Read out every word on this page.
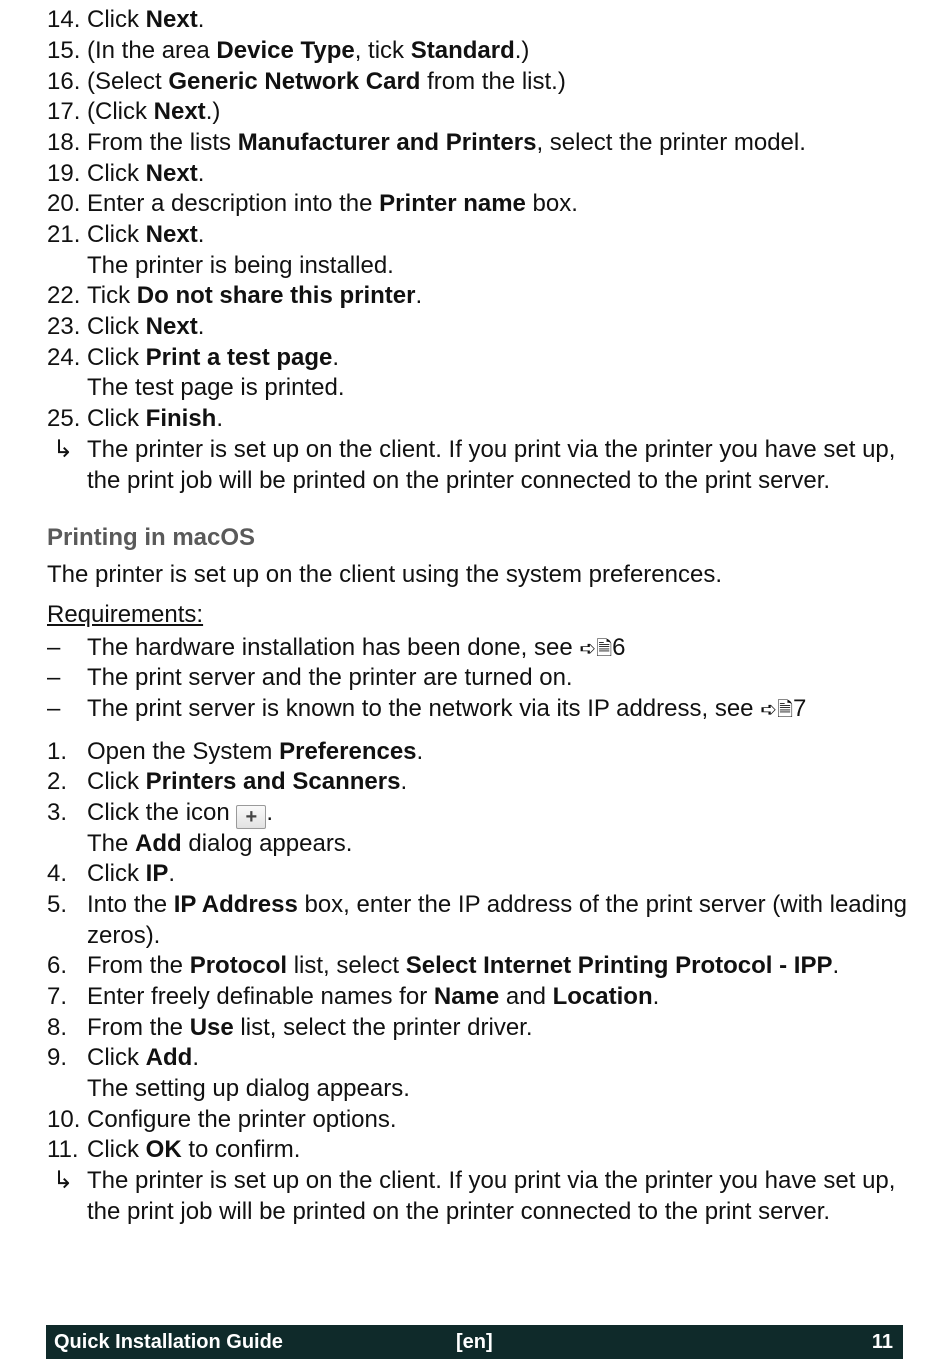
14. Click Next.
15. (In the area Device Type, tick Standard.)
16. (Select Generic Network Card from the list.)
17. (Click Next.)
18. From the lists Manufacturer and Printers, select the printer model.
19. Click Next.
20. Enter a description into the Printer name box.
21. Click Next.
The printer is being installed.
22. Tick Do not share this printer.
23. Click Next.
24. Click Print a test page.
The test page is printed.
25. Click Finish.
↳ The printer is set up on the client. If you print via the printer you have set up, the print job will be printed on the printer connected to the print server.
Printing in macOS
The printer is set up on the client using the system preferences.
Requirements:
– The hardware installation has been done, see ➪🗎6
– The print server and the printer are turned on.
– The print server is known to the network via its IP address, see ➪🗎7
1. Open the System Preferences.
2. Click Printers and Scanners.
3. Click the icon + .
The Add dialog appears.
4. Click IP.
5. Into the IP Address box, enter the IP address of the print server (with leading zeros).
6. From the Protocol list, select Select Internet Printing Protocol - IPP.
7. Enter freely definable names for Name and Location.
8. From the Use list, select the printer driver.
9. Click Add.
The setting up dialog appears.
10. Configure the printer options.
11. Click OK to confirm.
↳ The printer is set up on the client. If you print via the printer you have set up, the print job will be printed on the printer connected to the print server.
Quick Installation Guide	[en]	11
